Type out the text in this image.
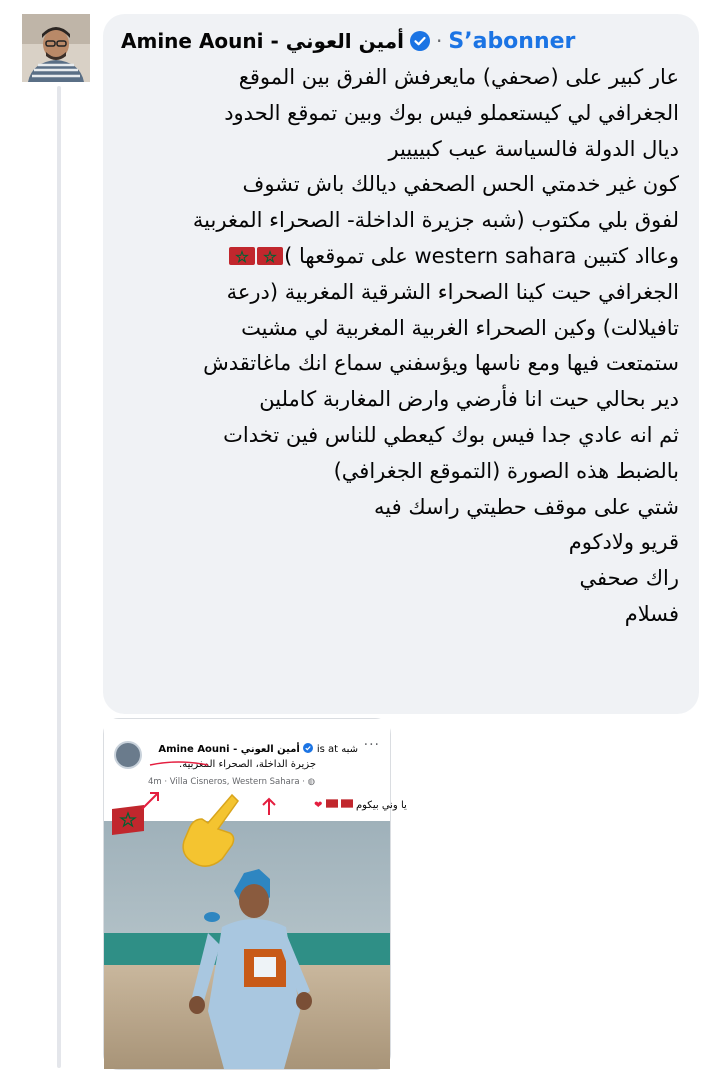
Amine Aouni - أمين العوني · S’abonner
عار كبير على (صحفي) مايعرفش الفرق بين الموقع
الجغرافي لي كيستعملو فيس بوك وبين تموقع الحدود
ديال الدولة فالسياسة عيب كبيييير
كون غير خدمتي الحس الصحفي ديالك باش تشوف
لفوق بلي مكتوب (شبه جزيرة الداخلة- الصحراء المغربية
وعااد كتبين western sahara على تموقعها )
الجغرافي حيت كينا الصحراء الشرقية المغربية (درعة
تافيلالت) وكين الصحراء الغربية المغربية لي مشيت
ستمتعت فيها ومع ناسها ويؤسفني سماع انك ماغاتقدش
دير بحالي حيت انا فأرضي وارض المغاربة كاملين
ثم انه عادي جدا فيس بوك كيعطي للناس فين تخدات
بالضبط هذه الصورة (التموقع الجغرافي)
شتي على موقف حطيتي راسك فيه
قريو ولادكوم
راك صحفي
فسلام
Amine Aouni - أمين العوني is at شبه
جزيرة الداخلة، الصحراء المغربية.
4m · Villa Cisneros, Western Sahara · ◍
···
يا وني بيكوم   ❤
